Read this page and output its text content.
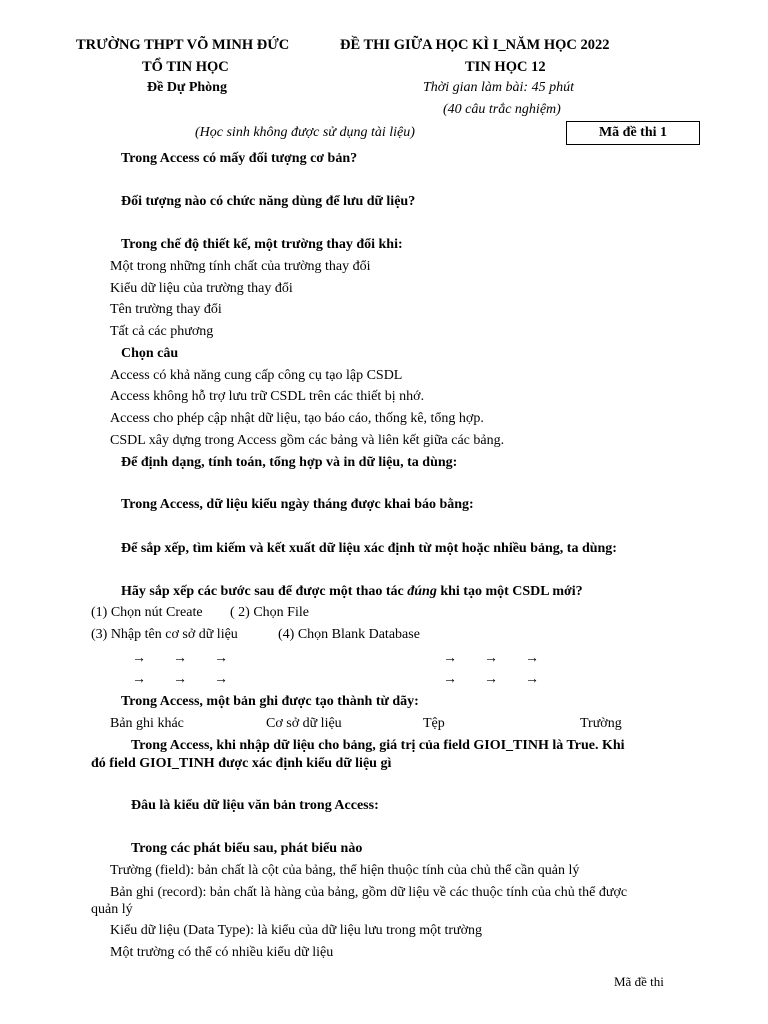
TRƯỜNG THPT VÕ MINH ĐỨC
TỔ TIN HỌC
Đề Dự Phòng
ĐỀ THI GIỮA HỌC KÌ I_NĂM HỌC 2022
TIN HỌC 12
Thời gian làm bài: 45 phút
(40 câu trắc nghiệm)
(Học sinh không được sử dụng tài liệu)	Mã đề thi 1
Trong Access có mấy đối tượng cơ bản?
Đối tượng nào có chức năng dùng để lưu dữ liệu?
Trong chế độ thiết kế, một trường thay đổi khi:
Một trong những tính chất của trường thay đổi
Kiểu dữ liệu của trường thay đổi
Tên trường thay đổi
Tất cả các phương
Chọn câu
Access có khả năng cung cấp công cụ tạo lập CSDL
Access không hỗ trợ lưu trữ CSDL trên các thiết bị nhớ.
Access cho phép cập nhật dữ liệu, tạo báo cáo, thống kê, tổng hợp.
CSDL xây dựng trong Access gồm các bảng và liên kết giữa các bảng.
Để định dạng, tính toán, tổng hợp và in dữ liệu, ta dùng:
Trong Access, dữ liệu kiểu ngày tháng được khai báo bằng:
Để sắp xếp, tìm kiếm và kết xuất dữ liệu xác định từ một hoặc nhiều bảng, ta dùng:
Hãy sắp xếp các bước sau để được một thao tác đúng khi tạo một CSDL mới?
(1) Chọn nút Create ( 2) Chọn File
(3) Nhập tên cơ sở dữ liệu	(4) Chọn Blank Database
→ → →	→ → →
→ → →	→ → →
Trong Access, một bản ghi được tạo thành từ dãy:
Bản ghi khác	Cơ sở dữ liệu	Tệp	Trường
Trong Access, khi nhập dữ liệu cho bảng, giá trị của field GIOI_TINH là True. Khi
đó field GIOI_TINH được xác định kiểu dữ liệu gì
Đâu là kiểu dữ liệu văn bản trong Access:
Trong các phát biểu sau, phát biểu nào
Trường (field): bản chất là cột của bảng, thể hiện thuộc tính của chủ thể cần quản lý
Bản ghi (record): bản chất là hàng của bảng, gồm dữ liệu về các thuộc tính của chủ thể được
quản lý
Kiểu dữ liệu (Data Type): là kiểu của dữ liệu lưu trong một trường
Một trường có thể có nhiều kiểu dữ liệu
Mã đề thi
